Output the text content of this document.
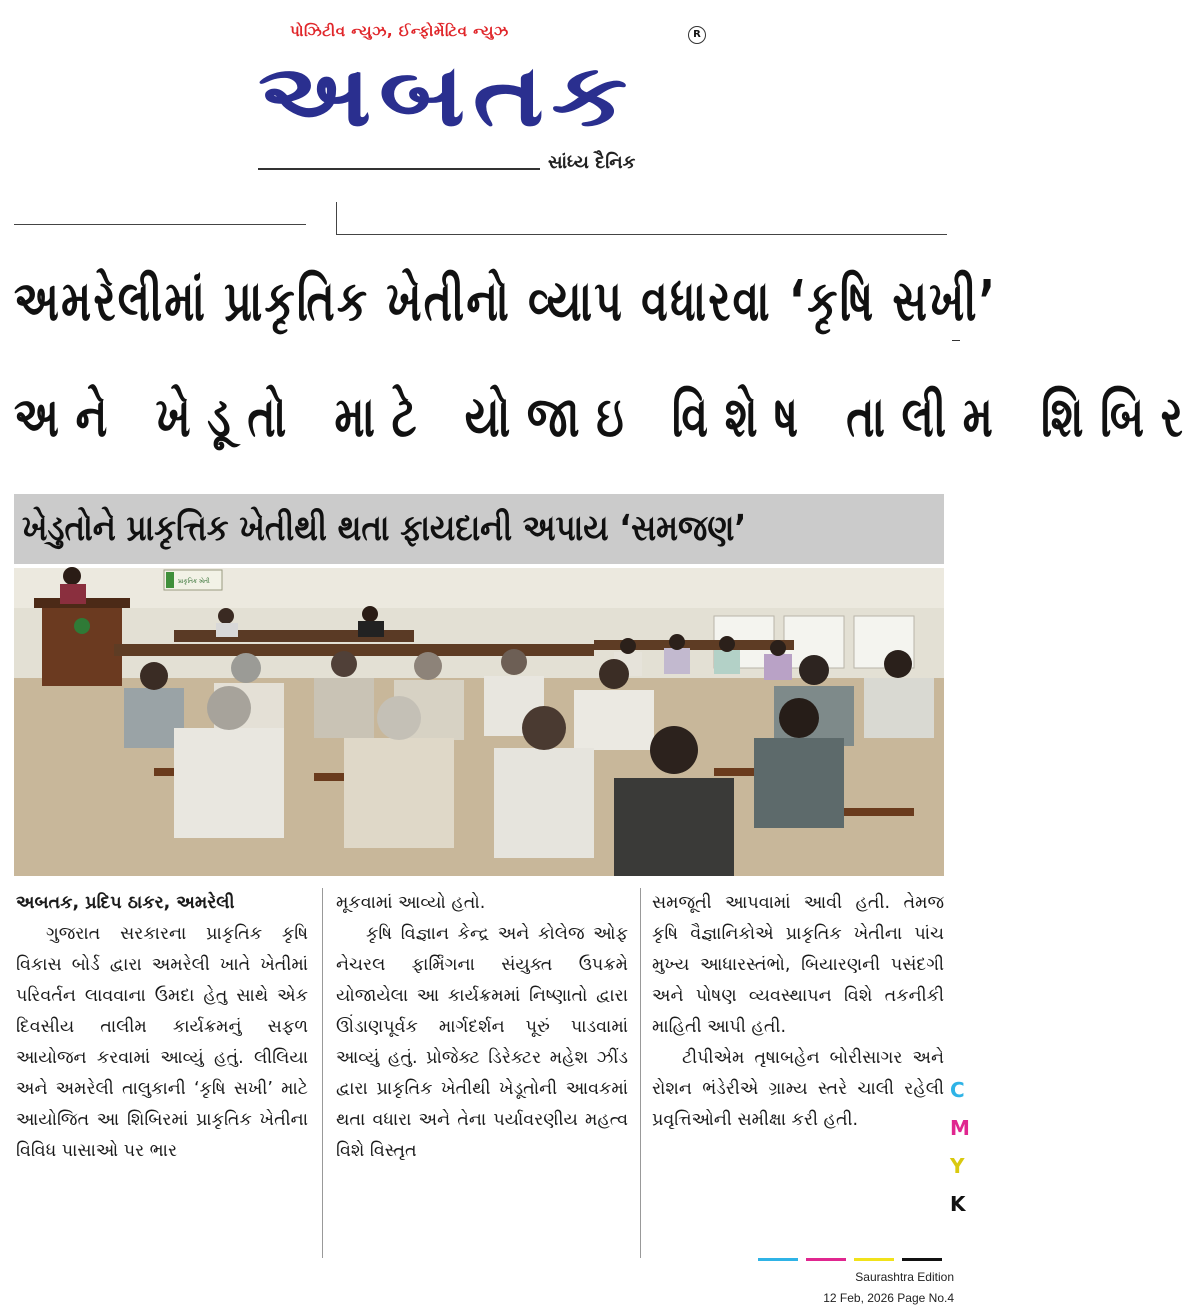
પોઝિટીવ ન્યુઝ, ઈન્ફોર્મેટિવ ન્યુઝ	R
અબતક
સાંધ્ય દૈનિક
અમરેલીમાં પ્રાકૃતિક ખેતીનો વ્યાપ વધારવા ‘કૃષિ સખી’
અને ખેડૂતો માટે યોજાઇ વિશેષ તાલીમ શિબિર
ખેડુતોને પ્રાકૃત્તિક ખેતીથી થતા ફાયદાની અપાય ‘સમજણ’
પ્રાકૃતિક ખેતી

અબતક, પ્રદિપ ઠાકર, અમરેલી

ગુજરાત સરકારના પ્રાકૃતિક કૃષિ વિકાસ બોર્ડ દ્વારા અમરેલી ખાતે ખેતીમાં પરિવર્તન લાવવાના ઉમદા હેતુ સાથે એક દિવસીય તાલીમ કાર્યક્રમનું સફળ આયોજન કરવામાં આવ્યું હતું. લીલિયા અને અમરેલી તાલુકાની ‘કૃષિ સખી’ માટે આયોજિત આ શિબિરમાં પ્રાકૃતિક ખેતીના વિવિધ પાસાઓ પર ભાર

મૂકવામાં આવ્યો હતો.

કૃષિ વિજ્ઞાન કેન્દ્ર અને કોલેજ ઓફ નેચરલ ફાર્મિંગના સંયુક્ત ઉપક્રમે યોજાયેલા આ કાર્યક્રમમાં નિષ્ણાતો દ્વારા ઊંડાણપૂર્વક માર્ગદર્શન પૂરું પાડવામાં આવ્યું હતું. પ્રોજેક્ટ ડિરેક્ટર મહેશ ઝીંડ દ્વારા પ્રાકૃતિક ખેતીથી ખેડૂતોની આવકમાં થતા વધારા અને તેના પર્યાવરણીય મહત્વ વિશે વિસ્તૃત

સમજૂતી આપવામાં આવી હતી. તેમજ કૃષિ વૈજ્ઞાનિકોએ પ્રાકૃતિક ખેતીના પાંચ મુખ્ય આધારસ્તંભો, બિયારણની પસંદગી અને પોષણ વ્યવસ્થાપન વિશે તકનીકી માહિતી આપી હતી.

ટીપીએમ તૃષાબહેન બોરીસાગર અને રોશન ભંડેરીએ ગ્રામ્ય સ્તરે ચાલી રહેલી પ્રવૃત્તિઓની સમીક્ષા કરી હતી.

C
M
Y
K
Saurashtra Edition
12 Feb, 2026 Page No.4
